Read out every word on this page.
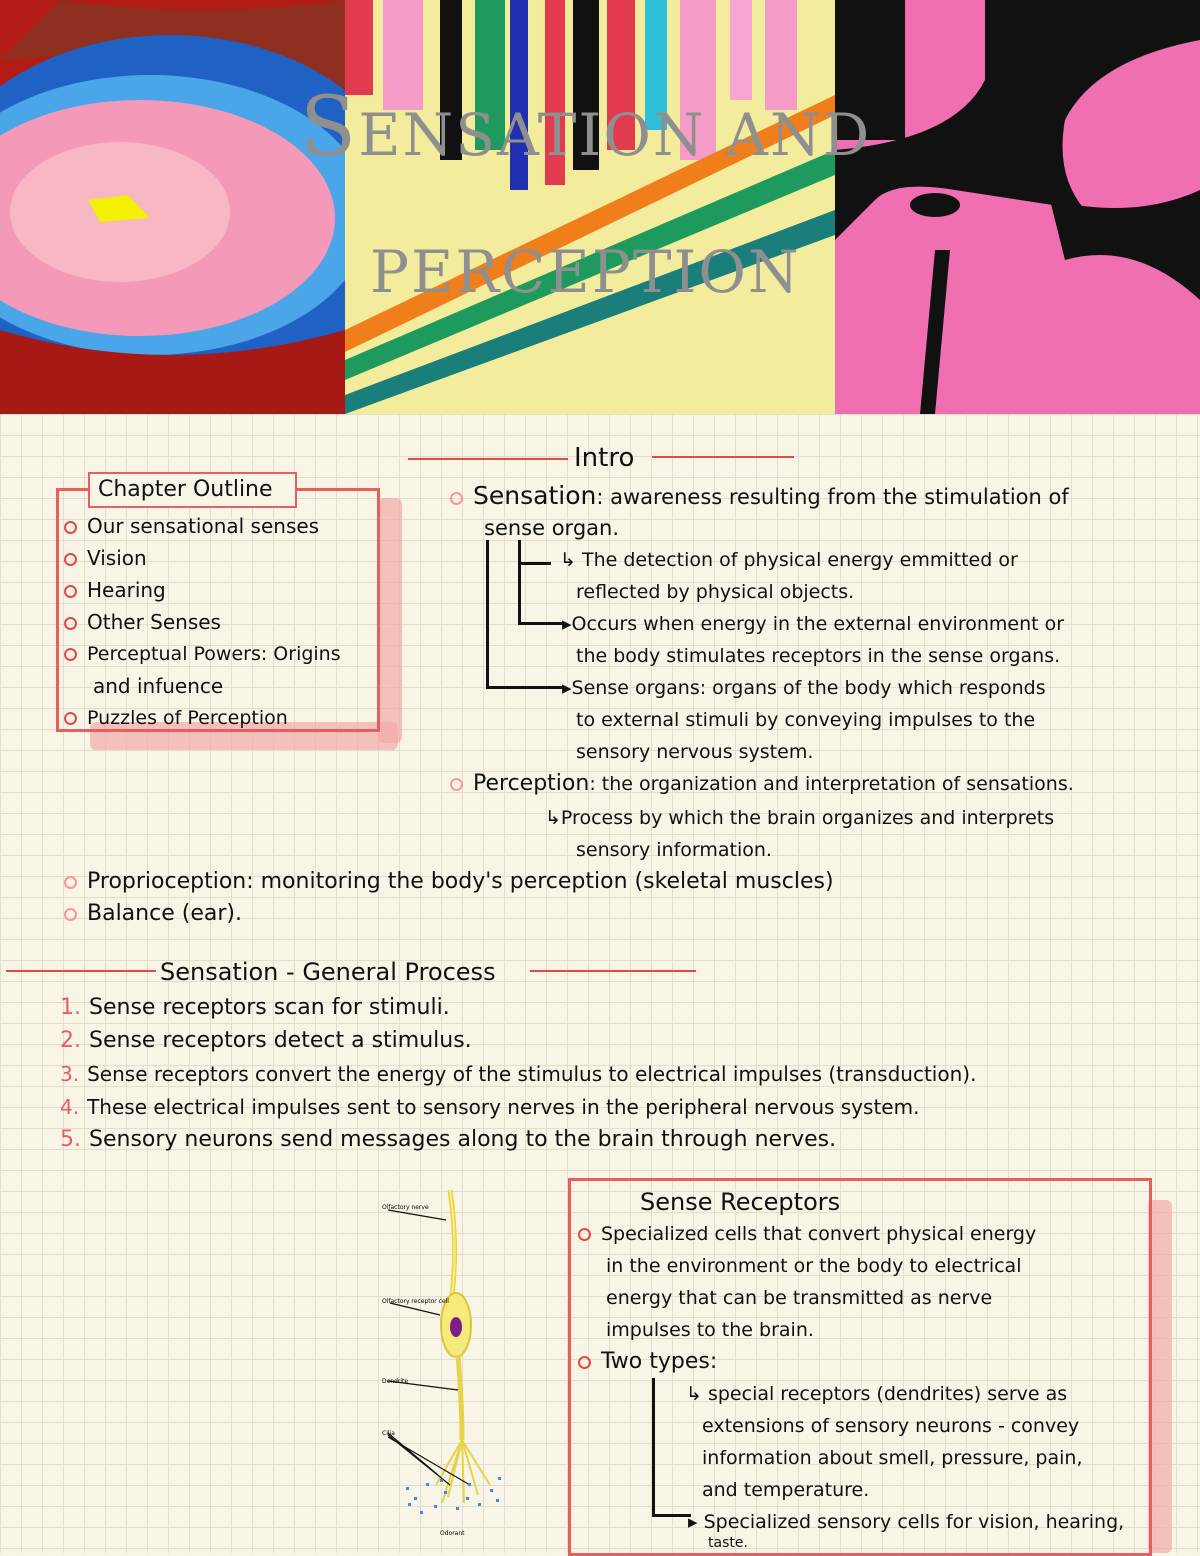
SENSATION AND
PERCEPTION
Chapter Outline
Our sensational senses
Vision
Hearing
Other Senses
Perceptual Powers: Origins
and infuence
Puzzles of Perception
Intro
Sensation: awareness resulting from the stimulation of
sense organ.
↳ The detection of physical energy emmitted or
reflected by physical objects.
▸Occurs when energy in the external environment or
the body stimulates receptors in the sense organs.
▸Sense organs: organs of the body which responds
to external stimuli by conveying impulses to the
sensory nervous system.
Perception: the organization and interpretation of sensations.
↳Process by which the brain organizes and interprets
sensory information.
Proprioception: monitoring the body's perception (skeletal muscles)
Balance (ear).
Sensation - General Process
1. Sense receptors scan for stimuli.
2. Sense receptors detect a stimulus.
3. Sense receptors convert the energy of the stimulus to electrical impulses (transduction).
4. These electrical impulses sent to sensory nerves in the peripheral nervous system.
5. Sensory neurons send messages along to the brain through nerves.
Olfactory nerve
Olfactory receptor cell
Dendrite
Cilia
Odorant
Sense Receptors
Specialized cells that convert physical energy
in the environment or the body to electrical
energy that can be transmitted as nerve
impulses to the brain.
Two types:
↳ special receptors (dendrites) serve as
extensions of sensory neurons - convey
information about smell, pressure, pain,
and temperature.
▸ Specialized sensory cells for vision, hearing,
taste.
